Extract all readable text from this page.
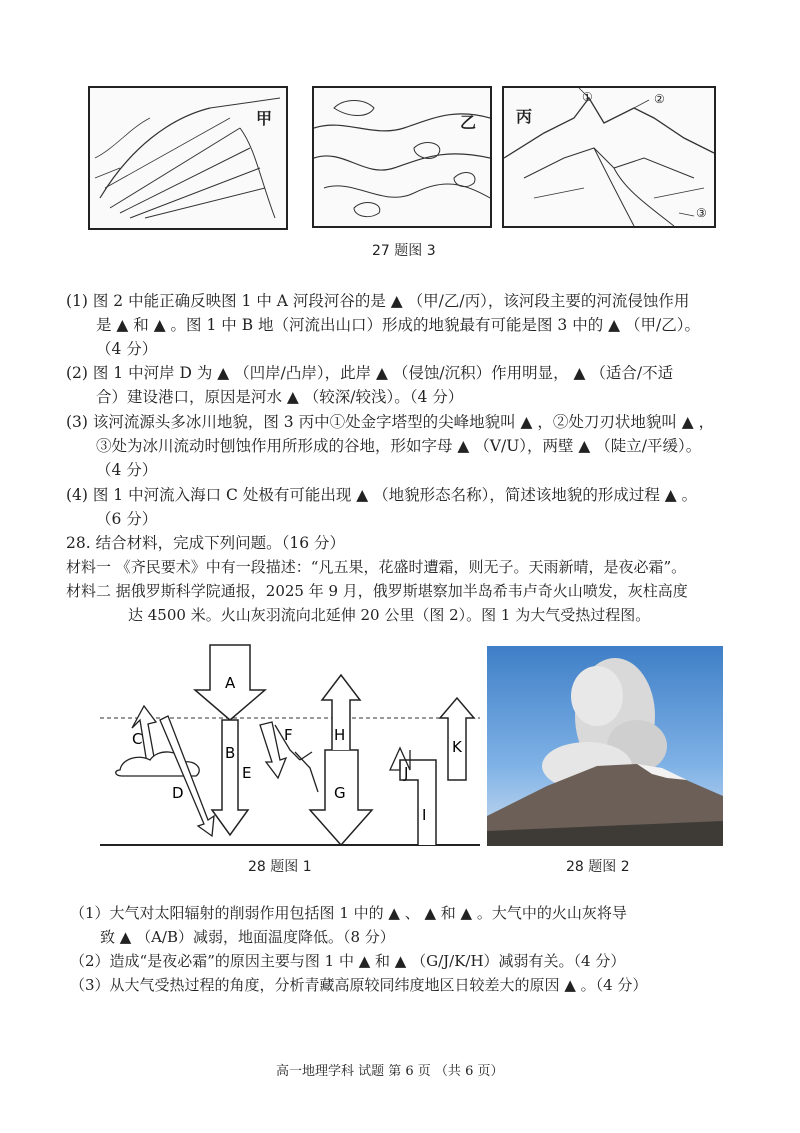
甲	乙	丙
①	②
③
27 题图 3
(1) 图 2 中能正确反映图 1 中 A 河段河谷的是 ▲ （甲/乙/丙），该河段主要的河流侵蚀作用
是 ▲ 和 ▲ 。图 1 中 B 地（河流出山口）形成的地貌最有可能是图 3 中的 ▲ （甲/乙）。
（4 分）
(2) 图 1 中河岸 D 为 ▲ （凹岸/凸岸），此岸 ▲ （侵蚀/沉积）作用明显， ▲ （适合/不适
合）建设港口，原因是河水 ▲ （较深/较浅）。（4 分）
(3) 该河流源头多冰川地貌，图 3 丙中①处金字塔型的尖峰地貌叫 ▲ ，②处刀刃状地貌叫 ▲ ，
③处为冰川流动时刨蚀作用所形成的谷地，形如字母 ▲ （V/U），两壁 ▲ （陡立/平缓）。
（4 分）
(4) 图 1 中河流入海口 C 处极有可能出现 ▲ （地貌形态名称），简述该地貌的形成过程 ▲ 。
（6 分）
28. 结合材料，完成下列问题。（16 分）
材料一 《齐民要术》中有一段描述：“凡五果，花盛时遭霜，则无子。天雨新晴，是夜必霜”。
材料二 据俄罗斯科学院通报，2025 年 9 月，俄罗斯堪察加半岛希韦卢奇火山喷发，灰柱高度
达 4500 米。火山灰羽流向北延伸 20 公里（图 2）。图 1 为大气受热过程图。
A
B
C
D
E
F
G
H
I
J
K
28 题图 1	28 题图 2
（1）大气对太阳辐射的削弱作用包括图 1 中的 ▲ 、 ▲ 和 ▲ 。大气中的火山灰将导
致 ▲ （A/B）减弱，地面温度降低。（8 分）
（2）造成“是夜必霜”的原因主要与图 1 中 ▲ 和 ▲ （G/J/K/H）减弱有关。（4 分）
（3）从大气受热过程的角度，分析青藏高原较同纬度地区日较差大的原因 ▲ 。（4 分）
高一地理学科 试题 第 6 页 （共 6 页）
